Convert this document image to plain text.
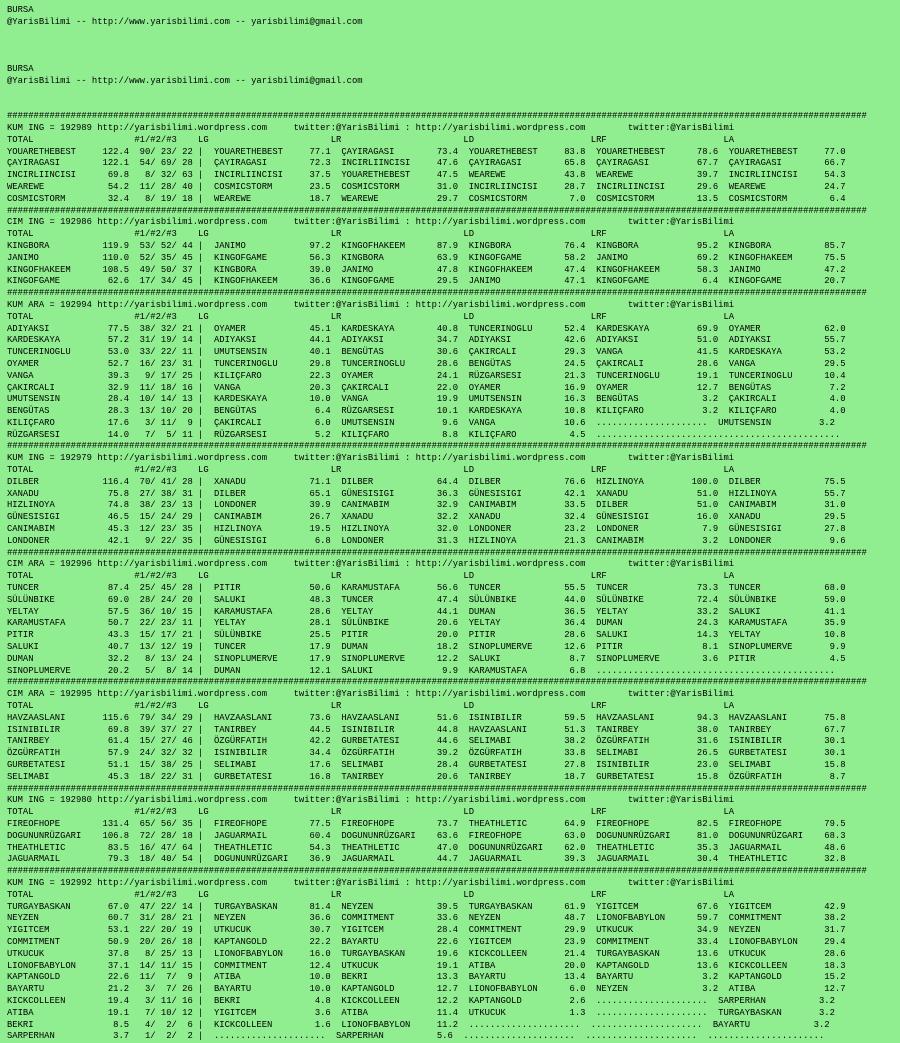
BURSA
@YarisBilimi -- http://www.yarisbilimi.com -- yarisbilimi@gmail.com
BURSA
@YarisBilimi -- http://www.yarisbilimi.com -- yarisbilimi@gmail.com
##################################################################################################################################################################
KUM ING = 192989 http://yarisbilimi.wordpress.com     twitter:@YarisBilimi : http://yarisbilimi.wordpress.com        twitter:@YarisBilimi
TOTAL                   #1/#2/#3    LG                       LR                       LD                      LRF                      LA
YOUARETHEBEST     122.4  90/ 23/ 22 |  YOUARETHEBEST     77.1  ÇAYIRAGASI        73.4  YOUARETHEBEST     83.8  YOUARETHEBEST      78.6  YOUARETHEBEST     77.0
ÇAYIRAGASI        122.1  54/ 69/ 28 |  ÇAYIRAGASI        72.3  INCIRLIINCISI     47.6  ÇAYIRAGASI        65.8  ÇAYIRAGASI         67.7  ÇAYIRAGASI        66.7
INCIRLIINCISI      69.8   8/ 32/ 63 |  INCIRLIINCISI     37.5  YOUARETHEBEST     47.5  WEAREWE           43.8  WEAREWE            39.7  INCIRLIINCISI     54.3
WEAREWE            54.2  11/ 28/ 40 |  COSMICSTORM       23.5  COSMICSTORM       31.0  INCIRLIINCISI     28.7  INCIRLIINCISI      29.6  WEAREWE           24.7
COSMICSTORM        32.4   8/ 19/ 18 |  WEAREWE           18.7  WEAREWE           29.7  COSMICSTORM        7.0  COSMICSTORM        13.5  COSMICSTORM        6.4
##################################################################################################################################################################
CIM ING = 192986 http://yarisbilimi.wordpress.com     twitter:@YarisBilimi : http://yarisbilimi.wordpress.com        twitter:@YarisBilimi
TOTAL                   #1/#2/#3    LG                       LR                       LD                      LRF                      LA
KINGBORA          119.9  53/ 52/ 44 |  JANIMO            97.2  KINGOFHAKEEM      87.9  KINGBORA          76.4  KINGBORA           95.2  KINGBORA          85.7
JANIMO            110.0  52/ 35/ 45 |  KINGOFGAME        56.3  KINGBORA          63.9  KINGOFGAME        58.2  JANIMO             69.2  KINGOFHAKEEM      75.5
KINGOFHAKEEM      108.5  49/ 50/ 37 |  KINGBORA          39.0  JANIMO            47.8  KINGOFHAKEEM      47.4  KINGOFHAKEEM       58.3  JANIMO            47.2
KINGOFGAME         62.6  17/ 34/ 45 |  KINGOFHAKEEM      36.6  KINGOFGAME        29.5  JANIMO            47.1  KINGOFGAME          6.4  KINGOFGAME        20.7
##################################################################################################################################################################
KUM ARA = 192994 http://yarisbilimi.wordpress.com     twitter:@YarisBilimi : http://yarisbilimi.wordpress.com        twitter:@YarisBilimi
TOTAL                   #1/#2/#3    LG                       LR                       LD                      LRF                      LA
ADIYAKSI           77.5  38/ 32/ 21 |  OYAMER            45.1  KARDESKAYA        40.8  TUNCERINOGLU      52.4  KARDESKAYA         69.9  OYAMER            62.0
KARDESKAYA         57.2  31/ 19/ 14 |  ADIYAKSI          44.1  ADIYAKSI          34.7  ADIYAKSI          42.6  ADIYAKSI           51.0  ADIYAKSI          55.7
TUNCERINOGLU       53.0  33/ 22/ 11 |  UMUTSENSIN        40.1  BENGÜTAS          30.6  ÇAKIRCALI         29.3  VANGA              41.5  KARDESKAYA        53.2
OYAMER             52.7  16/ 23/ 31 |  TUNCERINOGLU      29.8  TUNCERINOGLU      28.6  BENGÜTAS          24.5  ÇAKIRCALI          28.6  VANGA             29.5
VANGA              39.3   9/ 17/ 25 |  KILIÇFARO         22.3  OYAMER            24.1  RÜZGARSESI        21.3  TUNCERINOGLU       19.1  TUNCERINOGLU      10.4
ÇAKIRCALI          32.9  11/ 18/ 16 |  VANGA             20.3  ÇAKIRCALI         22.0  OYAMER            16.9  OYAMER             12.7  BENGÜTAS           7.2
UMUTSENSIN         28.4  10/ 14/ 13 |  KARDESKAYA        10.0  VANGA             19.9  UMUTSENSIN        16.3  BENGÜTAS            3.2  ÇAKIRCALI          4.0
BENGÜTAS           28.3  13/ 10/ 20 |  BENGÜTAS           6.4  RÜZGARSESI        10.1  KARDESKAYA        10.8  KILIÇFARO           3.2  KILIÇFARO          4.0
KILIÇFARO          17.6   3/ 11/  9 |  ÇAKIRCALI          6.0  UMUTSENSIN         9.6  VANGA             10.6  .....................  UMUTSENSIN         3.2
RÜZGARSESI         14.0   7/  5/ 11 |  RÜZGARSESI         5.2  KILIÇFARO          8.8  KILIÇFARO          4.5  ..............................................
##################################################################################################################################################################
KUM ING = 192979 http://yarisbilimi.wordpress.com     twitter:@YarisBilimi : http://yarisbilimi.wordpress.com        twitter:@YarisBilimi
TOTAL                   #1/#2/#3    LG                       LR                       LD                      LRF                      LA
DILBER            116.4  70/ 41/ 28 |  XANADU            71.1  DILBER            64.4  DILBER            76.6  HIZLINOYA         100.0  DILBER            75.5
XANADU             75.8  27/ 38/ 31 |  DILBER            65.1  GÜNESISIGI        36.3  GÜNESISIGI        42.1  XANADU             51.0  HIZLINOYA         55.7
HIZLINOYA          74.8  38/ 23/ 13 |  LONDONER          39.9  CANIMABIM         32.9  CANIMABIM         33.5  DILBER             51.0  CANIMABIM         31.0
GÜNESISIGI         46.5  15/ 24/ 29 |  CANIMABIM         26.7  XANADU            32.2  XANADU            32.4  GÜNESISIGI         16.0  XANADU            29.5
CANIMABIM          45.3  12/ 23/ 35 |  HIZLINOYA         19.5  HIZLINOYA         32.0  LONDONER          23.2  LONDONER            7.9  GÜNESISIGI        27.8
LONDONER           42.1   9/ 22/ 35 |  GÜNESISIGI         6.8  LONDONER          31.3  HIZLINOYA         21.3  CANIMABIM           3.2  LONDONER           9.6
##################################################################################################################################################################
CIM ARA = 192996 http://yarisbilimi.wordpress.com     twitter:@YarisBilimi : http://yarisbilimi.wordpress.com        twitter:@YarisBilimi
TOTAL                   #1/#2/#3    LG                       LR                       LD                      LRF                      LA
TUNCER             87.4  25/ 45/ 28 |  PITIR             50.6  KARAMUSTAFA       56.6  TUNCER            55.5  TUNCER             73.3  TUNCER            68.0
SÜLÜNBIKE          69.0  28/ 24/ 20 |  SALUKI            48.3  TUNCER            47.4  SÜLÜNBIKE         44.0  SÜLÜNBIKE          72.4  SÜLÜNBIKE         59.0
YELTAY             57.5  36/ 10/ 15 |  KARAMUSTAFA       28.6  YELTAY            44.1  DUMAN             36.5  YELTAY             33.2  SALUKI            41.1
KARAMUSTAFA        50.7  22/ 23/ 11 |  YELTAY            28.1  SÜLÜNBIKE         20.6  YELTAY            36.4  DUMAN              24.3  KARAMUSTAFA       35.9
PITIR              43.3  15/ 17/ 21 |  SÜLÜNBIKE         25.5  PITIR             20.0  PITIR             28.6  SALUKI             14.3  YELTAY            10.8
SALUKI             40.7  13/ 12/ 19 |  TUNCER            17.9  DUMAN             18.2  SINOPLUMERVE      12.6  PITIR               8.1  SINOPLUMERVE       9.9
DUMAN              32.2   8/ 13/ 24 |  SINOPLUMERVE      17.9  SINOPLUMERVE      12.2  SALUKI             8.7  SINOPLUMERVE        3.6  PITIR              4.5
SINOPLUMERVE       20.2   5/  8/ 14 |  DUMAN             12.1  SALUKI             9.9  KARAMUSTAFA        6.8  .............................................
##################################################################################################################################################################
CIM ARA = 192995 http://yarisbilimi.wordpress.com     twitter:@YarisBilimi : http://yarisbilimi.wordpress.com        twitter:@YarisBilimi
TOTAL                   #1/#2/#3    LG                       LR                       LD                      LRF                      LA
HAVZAASLANI       115.6  79/ 34/ 29 |  HAVZAASLANI       73.6  HAVZAASLANI       51.6  ISINIBILIR        59.5  HAVZAASLANI        94.3  HAVZAASLANI       75.8
ISINIBILIR         69.8  39/ 37/ 27 |  TANIRBEY          44.5  ISINIBILIR        44.8  HAVZAASLANI       51.3  TANIRBEY           38.0  TANIRBEY          67.7
TANIRBEY           61.4  15/ 27/ 46 |  ÖZGÜRFATIH        42.2  GURBETATESI       44.6  SELIMABI          38.2  ÖZGÜRFATIH         31.6  ISINIBILIR        30.1
ÖZGÜRFATIH         57.9  24/ 32/ 32 |  ISINIBILIR        34.4  ÖZGÜRFATIH        39.2  ÖZGÜRFATIH        33.8  SELIMABI           26.5  GURBETATESI       30.1
GURBETATESI        51.1  15/ 38/ 25 |  SELIMABI          17.6  SELIMABI          28.4  GURBETATESI       27.8  ISINIBILIR         23.0  SELIMABI          15.8
SELIMABI           45.3  18/ 22/ 31 |  GURBETATESI       16.8  TANIRBEY          20.6  TANIRBEY          18.7  GURBETATESI        15.8  ÖZGÜRFATIH         8.7
##################################################################################################################################################################
KUM ING = 192980 http://yarisbilimi.wordpress.com     twitter:@YarisBilimi : http://yarisbilimi.wordpress.com        twitter:@YarisBilimi
TOTAL                   #1/#2/#3    LG                       LR                       LD                      LRF                      LA
FIREOFHOPE        131.4  65/ 56/ 35 |  FIREOFHOPE        77.5  FIREOFHOPE        73.7  THEATHLETIC       64.9  FIREOFHOPE         82.5  FIREOFHOPE        79.5
DOGUNUNRÜZGARI    106.8  72/ 28/ 18 |  JAGUARMAIL        60.4  DOGUNUNRÜZGARI    63.6  FIREOFHOPE        63.0  DOGUNUNRÜZGARI     81.0  DOGUNUNRÜZGARI    68.3
THEATHLETIC        83.5  16/ 47/ 64 |  THEATHLETIC       54.3  THEATHLETIC       47.0  DOGUNUNRÜZGARI    62.0  THEATHLETIC        35.3  JAGUARMAIL        48.6
JAGUARMAIL         79.3  18/ 40/ 54 |  DOGUNUNRÜZGARI    36.9  JAGUARMAIL        44.7  JAGUARMAIL        39.3  JAGUARMAIL         30.4  THEATHLETIC       32.8
##################################################################################################################################################################
KUM ING = 192992 http://yarisbilimi.wordpress.com     twitter:@YarisBilimi : http://yarisbilimi.wordpress.com        twitter:@YarisBilimi
TOTAL                   #1/#2/#3    LG                       LR                       LD                      LRF                      LA
TURGAYBASKAN       67.0  47/ 22/ 14 |  TURGAYBASKAN      81.4  NEYZEN            39.5  TURGAYBASKAN      61.9  YIGITCEM           67.6  YIGITCEM          42.9
NEYZEN             60.7  31/ 28/ 21 |  NEYZEN            36.6  COMMITMENT        33.6  NEYZEN            48.7  LIONOFBABYLON      59.7  COMMITMENT        38.2
YIGITCEM           53.1  22/ 20/ 19 |  UTKUCUK           30.7  YIGITCEM          28.4  COMMITMENT        29.9  UTKUCUK            34.9  NEYZEN            31.7
COMMITMENT         50.9  20/ 26/ 18 |  KAPTANGOLD        22.2  BAYARTU           22.6  YIGITCEM          23.9  COMMITMENT         33.4  LIONOFBABYLON     29.4
UTKUCUK            37.8   8/ 25/ 13 |  LIONOFBABYLON     16.0  TURGAYBASKAN      19.6  KICKCOLLEEN       21.4  TURGAYBASKAN       13.6  UTKUCUK           28.6
LIONOFBABYLON      37.1  14/ 11/ 15 |  COMMITMENT        12.4  UTKUCUK           19.1  ATIBA             20.0  KAPTANGOLD         13.6  KICKCOLLEEN       18.3
KAPTANGOLD         22.6  11/  7/  9 |  ATIBA             10.0  BEKRI             13.3  BAYARTU           13.4  BAYARTU             3.2  KAPTANGOLD        15.2
BAYARTU            21.2   3/  7/ 26 |  BAYARTU           10.0  KAPTANGOLD        12.7  LIONOFBABYLON      6.0  NEYZEN              3.2  ATIBA             12.7
KICKCOLLEEN        19.4   3/ 11/ 16 |  BEKRI              4.8  KICKCOLLEEN       12.2  KAPTANGOLD         2.6  .....................  SARPERHAN          3.2
ATIBA              19.1   7/ 10/ 12 |  YIGITCEM           3.6  ATIBA             11.4  UTKUCUK            1.3  .....................  TURGAYBASKAN       3.2
BEKRI               8.5   4/  2/  6 |  KICKCOLLEEN        1.6  LIONOFBABYLON     11.2  .....................  .....................  BAYARTU            3.2
SARPERHAN           3.7   1/  2/  2 |  .....................  SARPERHAN          5.6  .....................  .....................  ......................
